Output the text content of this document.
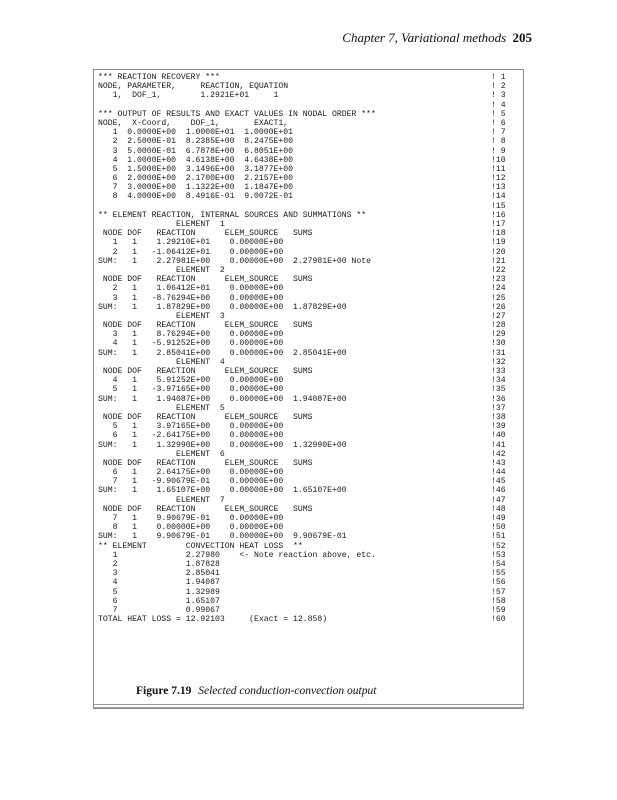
Chapter 7, Variational methods 205
*** REACTION RECOVERY ***	! 1
NODE, PARAMETER,     REACTION, EQUATION	! 2
1,  DOF_1,        1.2921E+01     1	! 3
! 4
*** OUTPUT OF RESULTS AND EXACT VALUES IN NODAL ORDER ***	! 5
NODE,  X-Coord,    DOF_1,       EXACT1,	! 6
1  0.0000E+00  1.0000E+01  1.0000E+01	! 7
2  2.5000E-01  8.2385E+00  8.2475E+00	! 8
3  5.0000E-01  6.7878E+00  6.8051E+00	! 9
4  1.0000E+00  4.6138E+00  4.6438E+00	!10
5  1.5000E+00  3.1496E+00  3.1877E+00	!11
6  2.0000E+00  2.1700E+00  2.2157E+00	!12
7  3.0000E+00  1.1322E+00  1.1847E+00	!13
8  4.0000E+00  8.4916E-01  9.0072E-01	!14
!15
** ELEMENT REACTION, INTERNAL SOURCES AND SUMMATIONS **	!16
ELEMENT  1	!17
NODE DOF   REACTION      ELEM_SOURCE   SUMS	!18
1   1    1.29210E+01    0.00000E+00	!19
2   1   -1.06412E+01    0.00000E+00	!20
SUM:   1    2.27981E+00    0.00000E+00  2.27981E+00 Note	!21
ELEMENT  2	!22
NODE DOF   REACTION      ELEM_SOURCE   SUMS	!23
2   1    1.06412E+01    0.00000E+00	!24
3   1   -8.76294E+00    0.00000E+00	!25
SUM:   1    1.87829E+00    0.00000E+00  1.87829E+00	!26
ELEMENT  3	!27
NODE DOF   REACTION      ELEM_SOURCE   SUMS	!28
3   1    8.76294E+00    0.00000E+00	!29
4   1   -5.91252E+00    0.00000E+00	!30
SUM:   1    2.85041E+00    0.00000E+00  2.85041E+00	!31
ELEMENT  4	!32
NODE DOF   REACTION      ELEM_SOURCE   SUMS	!33
4   1    5.91252E+00    0.00000E+00	!34
5   1   -3.97165E+00    0.00000E+00	!35
SUM:   1    1.94087E+00    0.00000E+00  1.94087E+00	!36
ELEMENT  5	!37
NODE DOF   REACTION      ELEM_SOURCE   SUMS	!38
5   1    3.97165E+00    0.00000E+00	!39
6   1   -2.64175E+00    0.00000E+00	!40
SUM:   1    1.32990E+00    0.00000E+00  1.32990E+00	!41
ELEMENT  6	!42
NODE DOF   REACTION      ELEM_SOURCE   SUMS	!43
6   1    2.64175E+00    0.00000E+00	!44
7   1   -9.90679E-01    0.00000E+00	!45
SUM:   1    1.65107E+00    0.00000E+00  1.65107E+00	!46
ELEMENT  7	!47
NODE DOF   REACTION      ELEM_SOURCE   SUMS	!48
7   1    9.90679E-01    0.00000E+00	!49
8   1    0.00000E+00    0.00000E+00	!50
SUM:   1    9.90679E-01    0.00000E+00  9.90679E-01	!51
** ELEMENT        CONVECTION HEAT LOSS  **	!52
1              2.27980    <- Note reaction above, etc.	!53
2              1.87828	!54
3              2.85041	!55
4              1.94087	!56
5              1.32989	!57
6              1.65107	!58
7              0.99067	!59
TOTAL HEAT LOSS = 12.92103     (Exact = 12.858)	!60
Figure 7.19 Selected conduction-convection output
